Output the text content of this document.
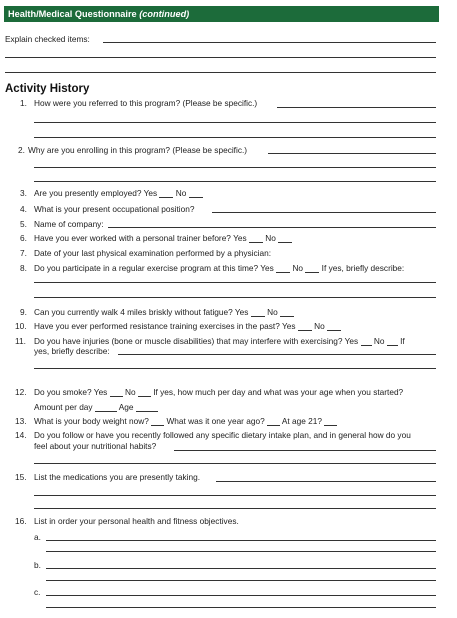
Health/Medical Questionnaire
(continued)
Explain checked items:
Activity History
1. How were you referred to this program? (Please be specific.)
2. Why are you enrolling in this program? (Please be specific.)
3. Are you presently employed? Yes No
4. What is your present occupational position?
5. Name of company:
6. Have you ever worked with a personal trainer before? Yes No
7. Date of your last physical examination performed by a physician:
8. Do you participate in a regular exercise program at this time? Yes No If yes, briefly describe:
9. Can you currently walk 4 miles briskly without fatigue? Yes No
10. Have you ever performed resistance training exercises in the past? Yes No
11. Do you have injuries (bone or muscle disabilities) that may interfere with exercising? Yes No If
yes, briefly describe:
12. Do you smoke? Yes No If yes, how much per day and what was your age when you started?
Amount per day	Age
13. What is your body weight now? What was it one year ago? At age 21?
14. Do you follow or have you recently followed any specific dietary intake plan, and in general how do you
feel about your nutritional habits?
15. List the medications you are presently taking.
16. List in order your personal health and fitness objectives.
a.
b.
c.
